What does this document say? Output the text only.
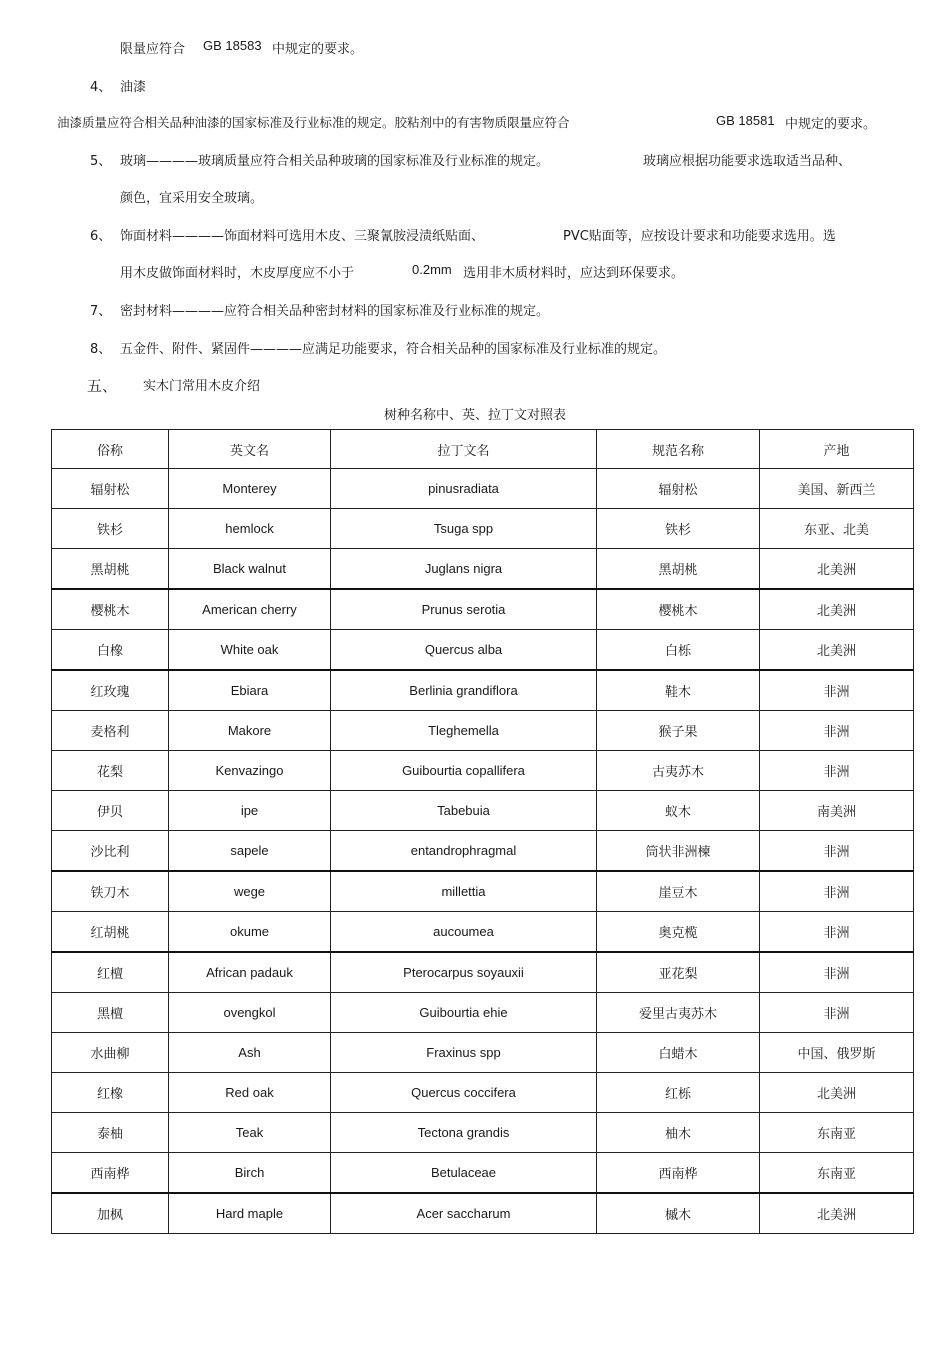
限量应符合 GB 18583 中规定的要求。
4、 油漆
油漆质量应符合相关品种油漆的国家标准及行业标准的规定。胶粘剂中的有害物质限量应符合	GB 18581 中规定的要求。
5、 玻璃————玻璃质量应符合相关品种玻璃的国家标准及行业标准的规定。	玻璃应根据功能要求选取适当品种、
颜色，宜采用安全玻璃。
6、 饰面材料————饰面材料可选用木皮、三聚氰胺浸渍纸贴面、	PVC贴面等，应按设计要求和功能要求选用。选
用木皮做饰面材料时，木皮厚度应不小于	0.2mm 选用非木质材料时，应达到环保要求。
7、 密封材料————应符合相关品种密封材料的国家标准及行业标准的规定。
8、 五金件、附件、紧固件————应满足功能要求，符合相关品种的国家标准及行业标准的规定。
五、 实木门常用木皮介绍
树种名称中、英、拉丁文对照表
俗称	英文名	拉丁文名	规范名称	产地
辐射松	Monterey	pinusradiata	辐射松	美国、新西兰
铁杉	hemlock	Tsuga spp	铁杉	东亚、北美
黑胡桃	Black walnut	Juglans nigra	黑胡桃	北美洲
樱桃木	American cherry	Prunus serotia	樱桃木	北美洲
白橡	White oak	Quercus alba	白栎	北美洲
红玫瑰	Ebiara	Berlinia grandiflora	鞋木	非洲
麦格利	Makore	Tleghemella	猴子果	非洲
花梨	Kenvazingo	Guibourtia copallifera	古夷苏木	非洲
伊贝	ipe	Tabebuia	蚁木	南美洲
沙比利	sapele	entandrophragmal	筒状非洲楝	非洲
铁刀木	wege	millettia	崖豆木	非洲
红胡桃	okume	aucoumea	奥克榄	非洲
红檀	African padauk	Pterocarpus soyauxii	亚花梨	非洲
黑檀	ovengkol	Guibourtia ehie	爱里古夷苏木	非洲
水曲柳	Ash	Fraxinus spp	白蜡木	中国、俄罗斯
红橡	Red oak	Quercus coccifera	红栎	北美洲
泰柚	Teak	Tectona grandis	柚木	东南亚
西南桦	Birch	Betulaceae	西南桦	东南亚
加枫	Hard maple	Acer saccharum	槭木	北美洲
